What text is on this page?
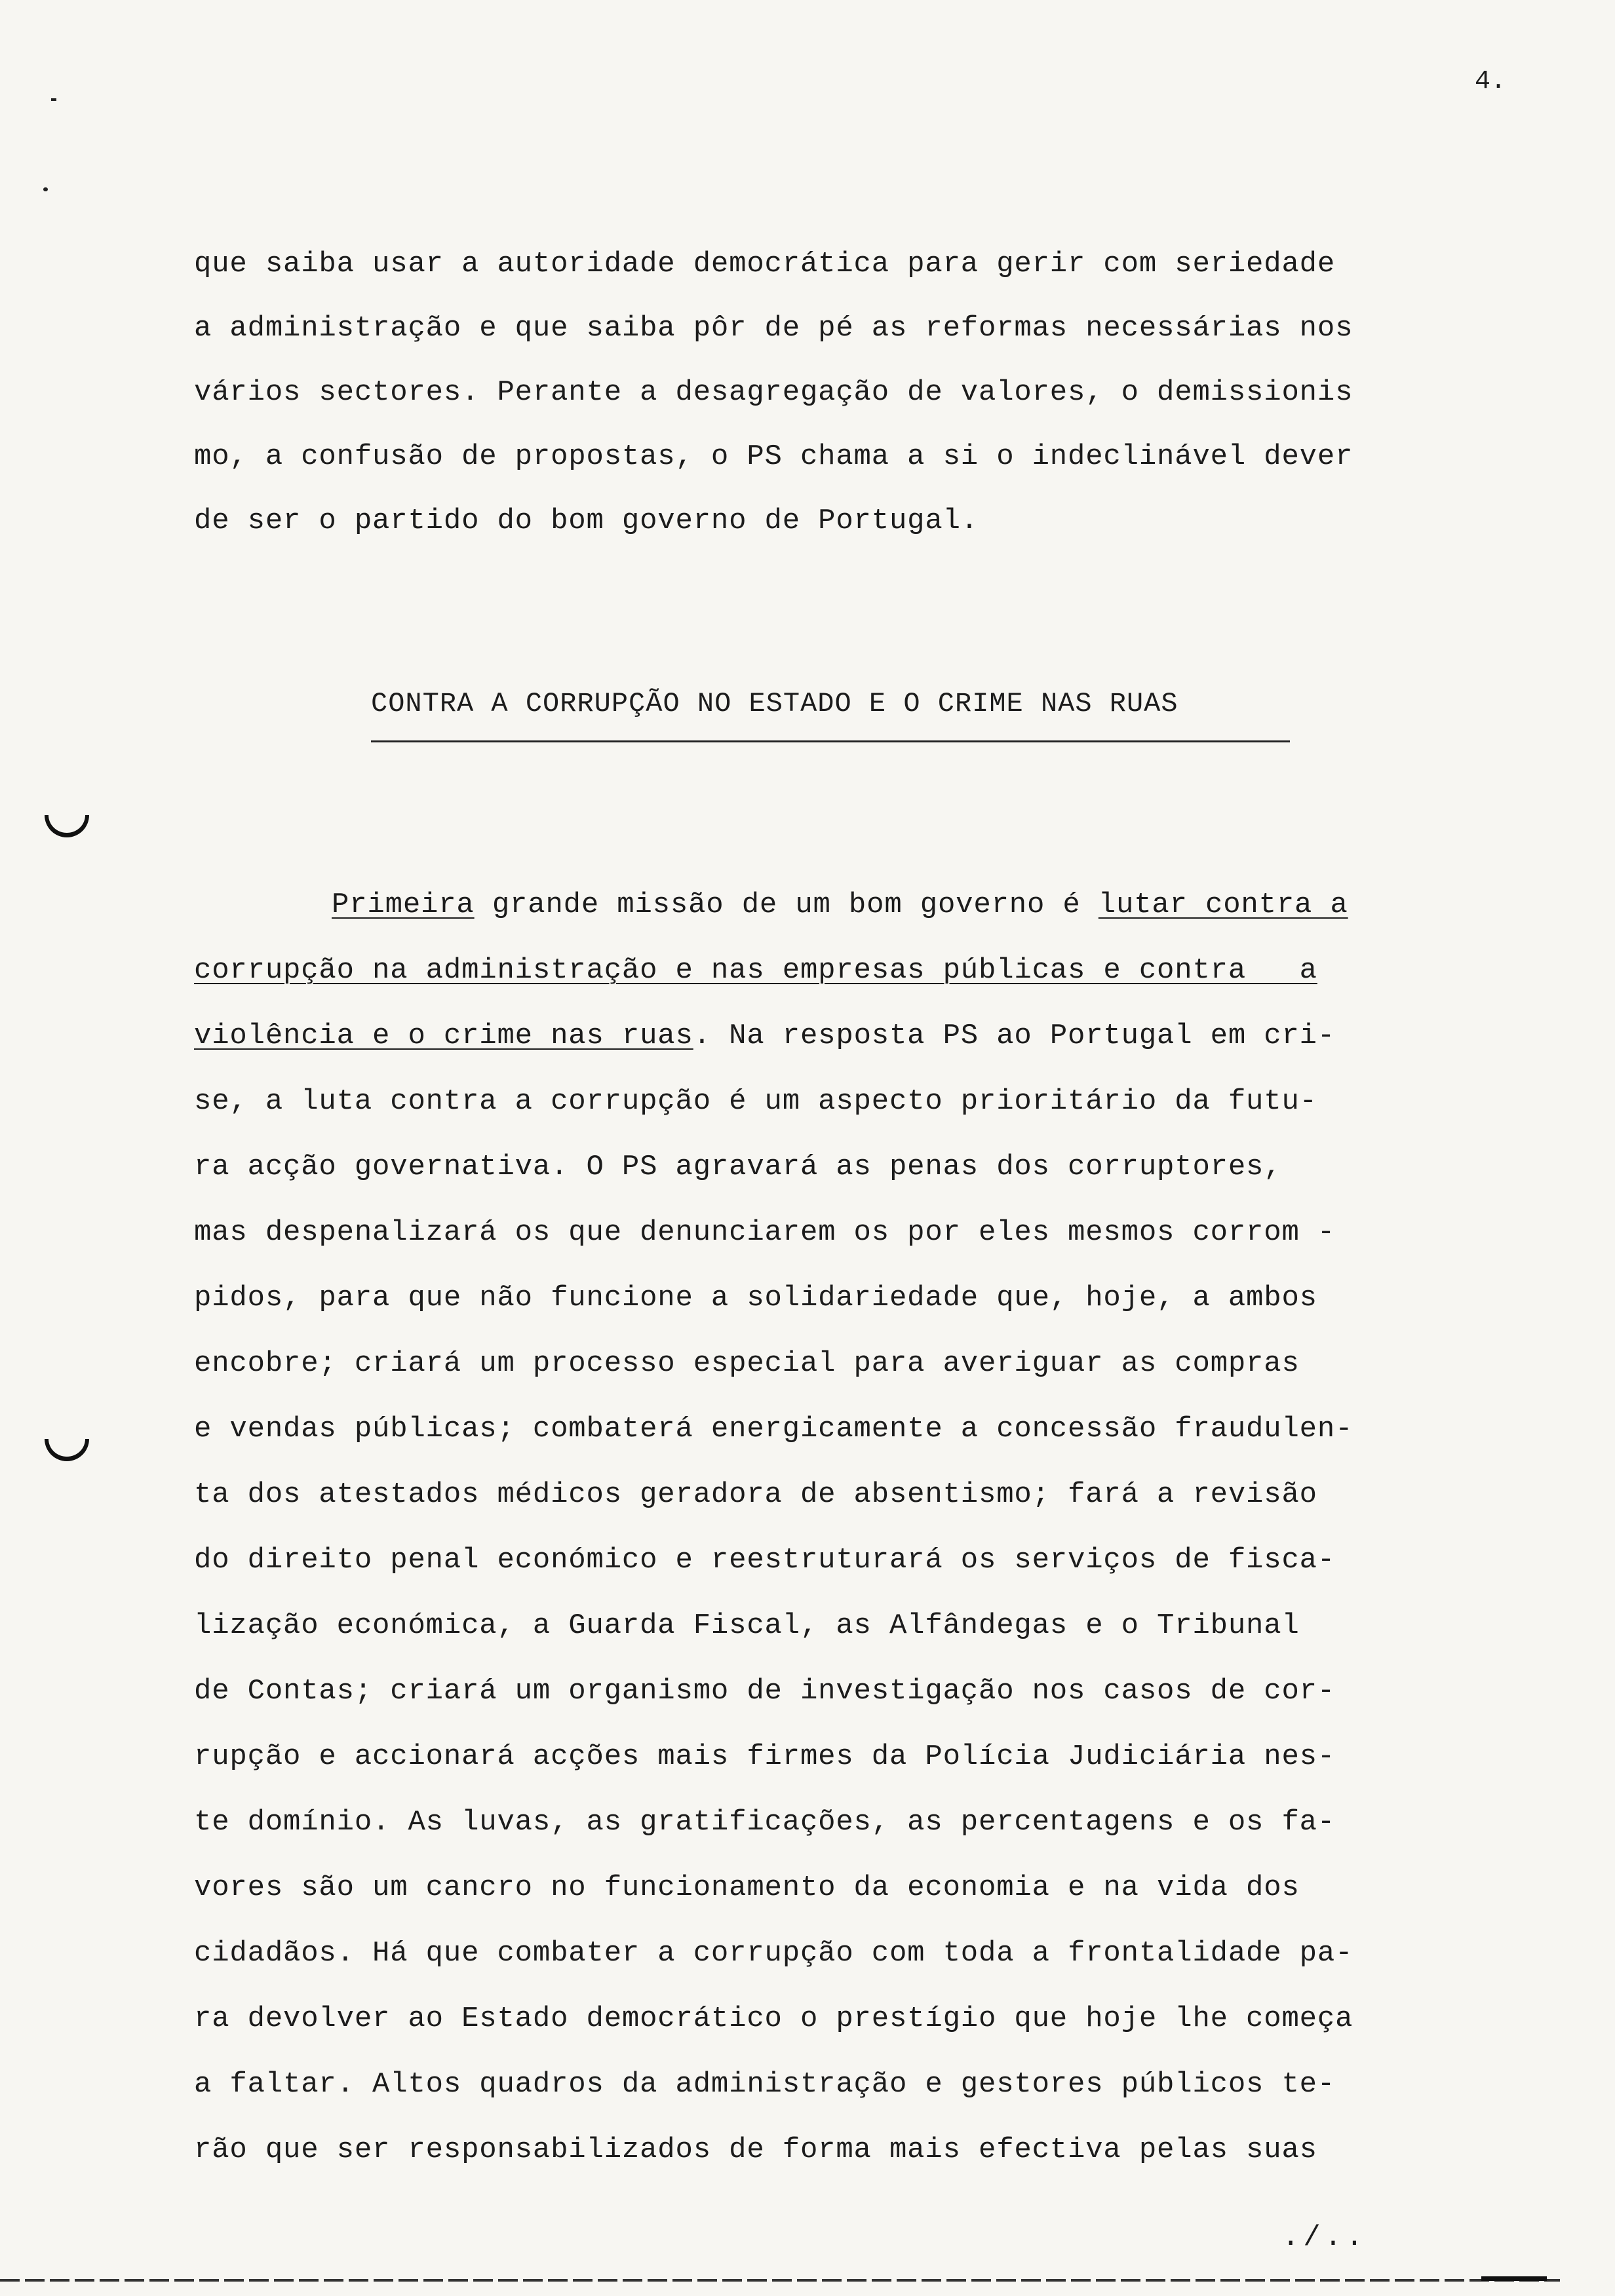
4.
que saiba usar a autoridade democrática para gerir com seriedade
a administração e que saiba pôr de pé as reformas necessárias nos
vários sectores. Perante a desagregação de valores, o demissionis
mo, a confusão de propostas, o PS chama a si o indeclinável dever
de ser o partido do bom governo de Portugal.
CONTRA A CORRUPÇÃO NO ESTADO E O CRIME NAS RUAS
Primeira grande missão de um bom governo é lutar contra a
corrupção na administração e nas empresas públicas e contra   a
violência e o crime nas ruas. Na resposta PS ao Portugal em cri-
se, a luta contra a corrupção é um aspecto prioritário da futu-
ra acção governativa. O PS agravará as penas dos corruptores,
mas despenalizará os que denunciarem os por eles mesmos corrom -
pidos, para que não funcione a solidariedade que, hoje, a ambos
encobre; criará um processo especial para averiguar as compras
e vendas públicas; combaterá energicamente a concessão fraudulen-
ta dos atestados médicos geradora de absentismo; fará a revisão
do direito penal económico e reestruturará os serviços de fisca-
lização económica, a Guarda Fiscal, as Alfândegas e o Tribunal
de Contas; criará um organismo de investigação nos casos de cor-
rupção e accionará acções mais firmes da Polícia Judiciária nes-
te domínio. As luvas, as gratificações, as percentagens e os fa-
vores são um cancro no funcionamento da economia e na vida dos
cidadãos. Há que combater a corrupção com toda a frontalidade pa-
ra devolver ao Estado democrático o prestígio que hoje lhe começa
a faltar. Altos quadros da administração e gestores públicos te-
rão que ser responsabilizados de forma mais efectiva pelas suas
./..
